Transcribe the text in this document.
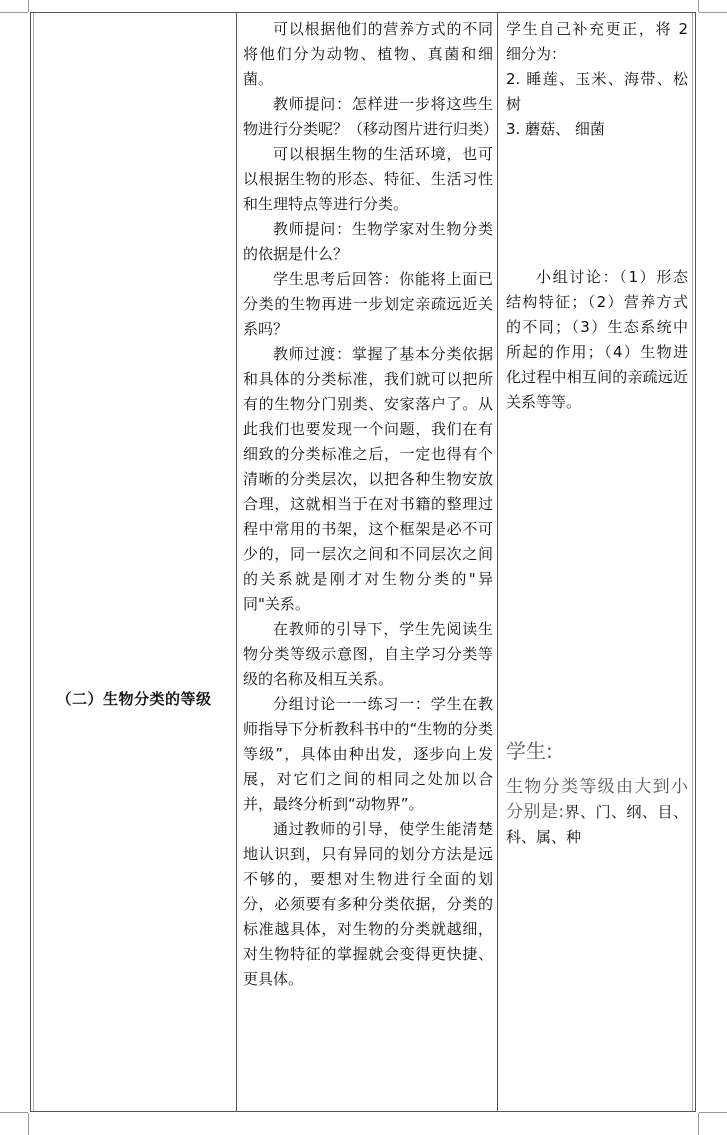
（二）生物分类的等级

可以根据他们的营养方式的不同将他们分为动物、植物、真菌和细菌。

教师提问：怎样进一步将这些生物进行分类呢？（移动图片进行归类）

可以根据生物的生活环境，也可以根据生物的形态、特征、生活习性和生理特点等进行分类。

教师提问：生物学家对生物分类的依据是什么？

学生思考后回答：你能将上面已分类的生物再进一步划定亲疏远近关系吗？

教师过渡：掌握了基本分类依据和具体的分类标准，我们就可以把所有的生物分门别类、安家落户了。从此我们也要发现一个问题，我们在有细致的分类标准之后，一定也得有个清晰的分类层次，以把各种生物安放合理，这就相当于在对书籍的整理过程中常用的书架，这个框架是必不可少的，同一层次之间和不同层次之间的关系就是刚才对生物分类的"异同"关系。

在教师的引导下，学生先阅读生物分类等级示意图，自主学习分类等级的名称及相互关系。

分组讨论一一练习一：学生在教师指导下分析教科书中的“生物的分类等级”，具体由种出发，逐步向上发展，对它们之间的相同之处加以合并，最终分析到“动物界”。

通过教师的引导，使学生能清楚地认识到，只有异同的划分方法是远不够的，要想对生物进行全面的划分，必须要有多种分类依据，分类的标准越具体，对生物的分类就越细，对生物特征的掌握就会变得更快捷、更具体。

学生自己补充更正，将 2 细分为：

2. 睡莲、玉米、海带、松树

3. 蘑菇、 细菌

小组讨论：（1）形态结构特征；（2）营养方式的不同；（3）生态系统中所起的作用；（4）生物进化过程中相互间的亲疏远近关系等等。

学生:

生物分类等级由大到小分别是:界、门、纲、目、科、属、种
